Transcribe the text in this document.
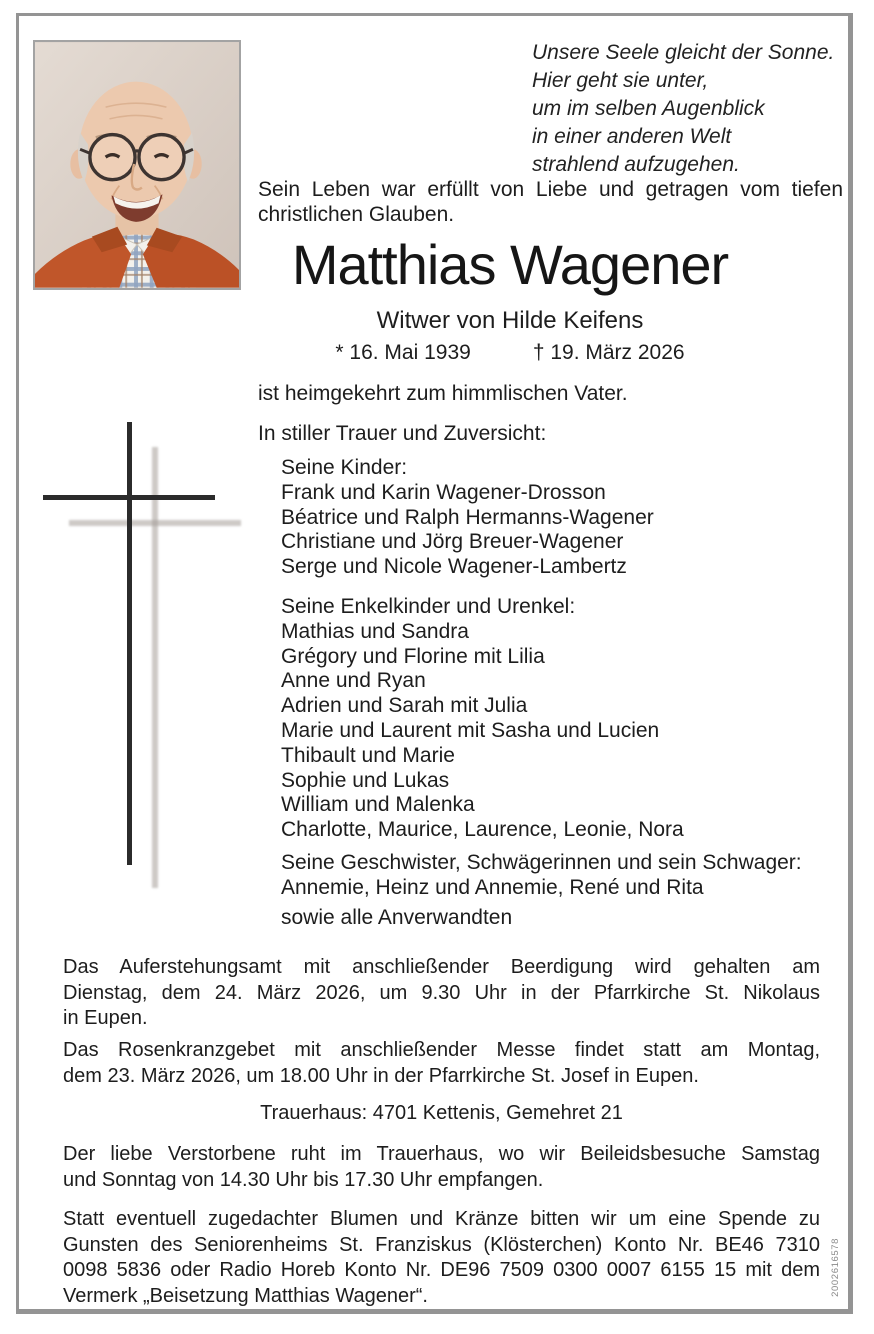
Unsere Seele gleicht der Sonne.
Hier geht sie unter,
um im selben Augenblick
in einer anderen Welt
strahlend aufzugehen.
Sein Leben war erfüllt von Liebe und getragen vom tiefen
christlichen Glauben.
Matthias Wagener
Witwer von Hilde Keifens
* 16. Mai 1939	† 19. März 2026
ist heimgekehrt zum himmlischen Vater.
In stiller Trauer und Zuversicht:
Seine Kinder:
Frank und Karin Wagener-Drosson
Béatrice und Ralph Hermanns-Wagener
Christiane und Jörg Breuer-Wagener
Serge und Nicole Wagener-Lambertz
Seine Enkelkinder und Urenkel:
Mathias und Sandra
Grégory und Florine mit Lilia
Anne und Ryan
Adrien und Sarah mit Julia
Marie und Laurent mit Sasha und Lucien
Thibault und Marie
Sophie und Lukas
William und Malenka
Charlotte, Maurice, Laurence, Leonie, Nora
Seine Geschwister, Schwägerinnen und sein Schwager:
Annemie, Heinz und Annemie, René und Rita
sowie alle Anverwandten
Das Auferstehungsamt mit anschließender Beerdigung wird gehalten am
Dienstag, dem 24. März 2026, um 9.30 Uhr in der Pfarrkirche St. Nikolaus
in Eupen.
Das Rosenkranzgebet mit anschließender Messe findet statt am Montag,
dem 23. März 2026, um 18.00 Uhr in der Pfarrkirche St. Josef in Eupen.
Trauerhaus: 4701 Kettenis, Gemehret 21
Der liebe Verstorbene ruht im Trauerhaus, wo wir Beileidsbesuche Samstag
und Sonntag von 14.30 Uhr bis 17.30 Uhr empfangen.
Statt eventuell zugedachter Blumen und Kränze bitten wir um eine Spende zu
Gunsten des Seniorenheims St. Franziskus (Klösterchen) Konto Nr. BE46 7310
0098 5836 oder Radio Horeb Konto Nr. DE96 7509 0300 0007 6155 15 mit dem
Vermerk „Beisetzung Matthias Wagener“.	2002616578
